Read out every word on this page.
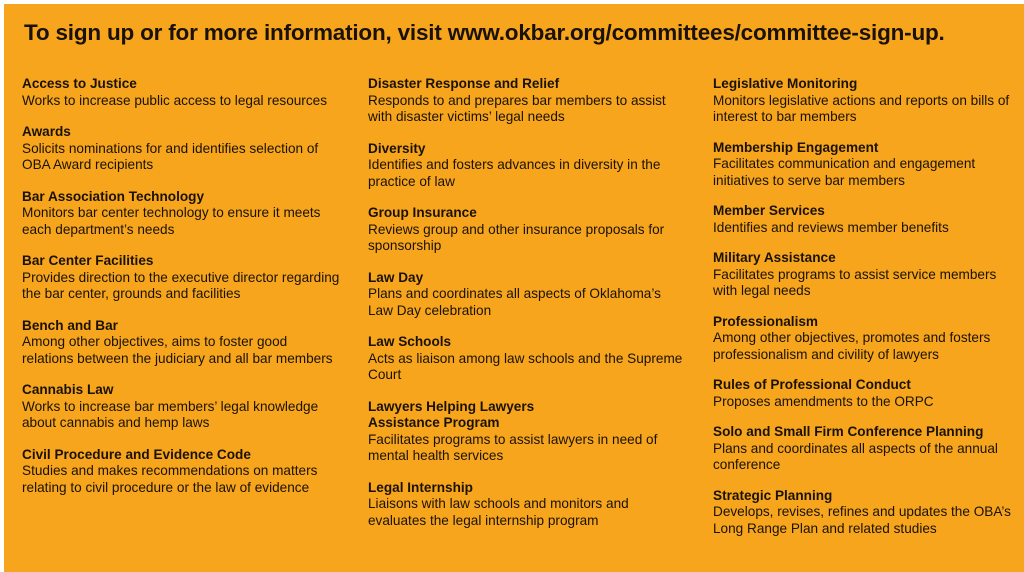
To sign up or for more information, visit www.okbar.org/committees/committee-sign-up.
Access to Justice
Works to increase public access to legal resources
Awards
Solicits nominations for and identifies selection of OBA Award recipients
Bar Association Technology
Monitors bar center technology to ensure it meets each department’s needs
Bar Center Facilities
Provides direction to the executive director regarding the bar center, grounds and facilities
Bench and Bar
Among other objectives, aims to foster good relations between the judiciary and all bar members
Cannabis Law
Works to increase bar members’ legal knowledge about cannabis and hemp laws
Civil Procedure and Evidence Code
Studies and makes recommendations on matters relating to civil procedure or the law of evidence
Disaster Response and Relief
Responds to and prepares bar members to assist with disaster victims’ legal needs
Diversity
Identifies and fosters advances in diversity in the practice of law
Group Insurance
Reviews group and other insurance proposals for sponsorship
Law Day
Plans and coordinates all aspects of Oklahoma’s Law Day celebration
Law Schools
Acts as liaison among law schools and the Supreme Court
Lawyers Helping Lawyers Assistance Program
Facilitates programs to assist lawyers in need of mental health services
Legal Internship
Liaisons with law schools and monitors and evaluates the legal internship program
Legislative Monitoring
Monitors legislative actions and reports on bills of interest to bar members
Membership Engagement
Facilitates communication and engagement initiatives to serve bar members
Member Services
Identifies and reviews member benefits
Military Assistance
Facilitates programs to assist service members with legal needs
Professionalism
Among other objectives, promotes and fosters professionalism and civility of lawyers
Rules of Professional Conduct
Proposes amendments to the ORPC
Solo and Small Firm Conference Planning
Plans and coordinates all aspects of the annual conference
Strategic Planning
Develops, revises, refines and updates the OBA’s Long Range Plan and related studies
